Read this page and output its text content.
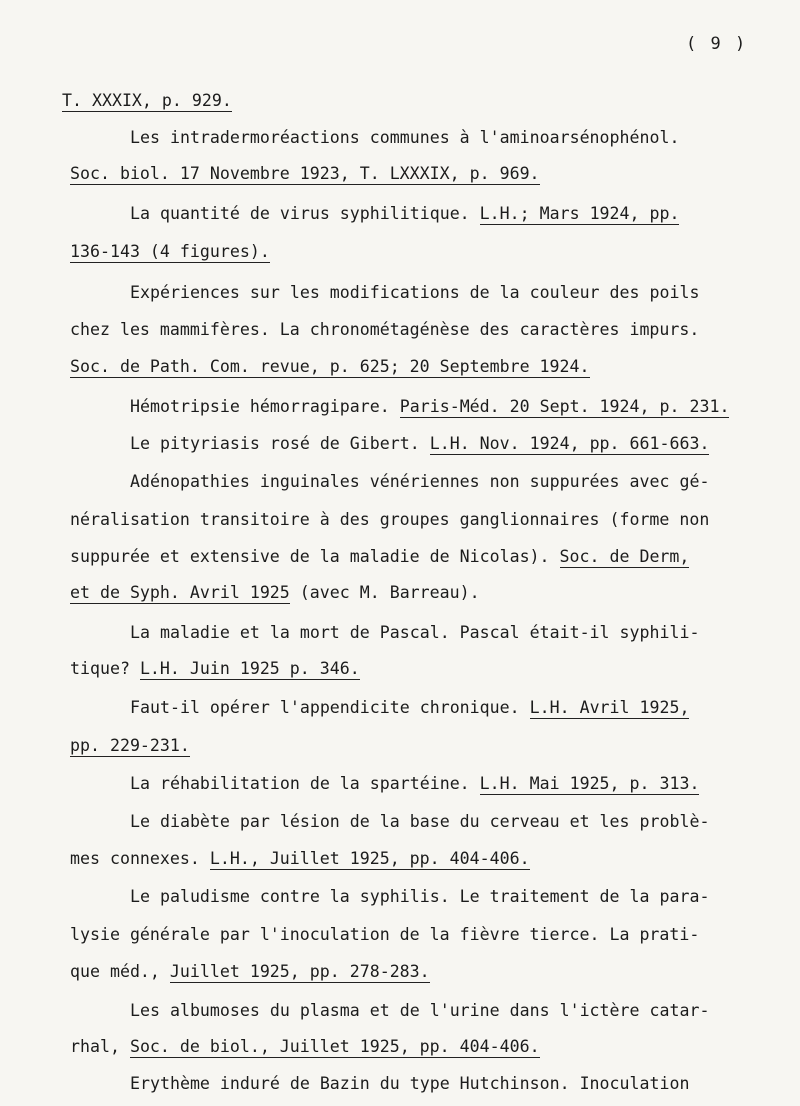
( 9 )
T. XXXIX, p. 929.
Les intradermoréactions communes à l'aminoarsénophénol.
Soc. biol. 17 Novembre 1923, T. LXXXIX, p. 969.
La quantité de virus syphilitique. L.H.; Mars 1924, pp.
136-143 (4 figures).
Expériences sur les modifications de la couleur des poils
chez les mammifères. La chronométagénèse des caractères impurs.
Soc. de Path. Com. revue, p. 625; 20 Septembre 1924.
Hémotripsie hémorragipare. Paris-Méd. 20 Sept. 1924, p. 231.
Le pityriasis rosé de Gibert. L.H. Nov. 1924, pp. 661-663.
Adénopathies inguinales vénériennes non suppurées avec gé-
néralisation transitoire à des groupes ganglionnaires (forme non
suppurée et extensive de la maladie de Nicolas). Soc. de Derm,
et de Syph. Avril 1925 (avec M. Barreau).
La maladie et la mort de Pascal. Pascal était-il syphili-
tique? L.H. Juin 1925 p. 346.
Faut-il opérer l'appendicite chronique. L.H. Avril 1925,
pp. 229-231.
La réhabilitation de la spartéine. L.H. Mai 1925, p. 313.
Le diabète par lésion de la base du cerveau et les problè-
mes connexes. L.H., Juillet 1925, pp. 404-406.
Le paludisme contre la syphilis. Le traitement de la para-
lysie générale par l'inoculation de la fièvre tierce. La prati-
que méd., Juillet 1925, pp. 278-283.
Les albumoses du plasma et de l'urine dans l'ictère catar-
rhal, Soc. de biol., Juillet 1925, pp. 404-406.
Erythème induré de Bazin du type Hutchinson. Inoculation
